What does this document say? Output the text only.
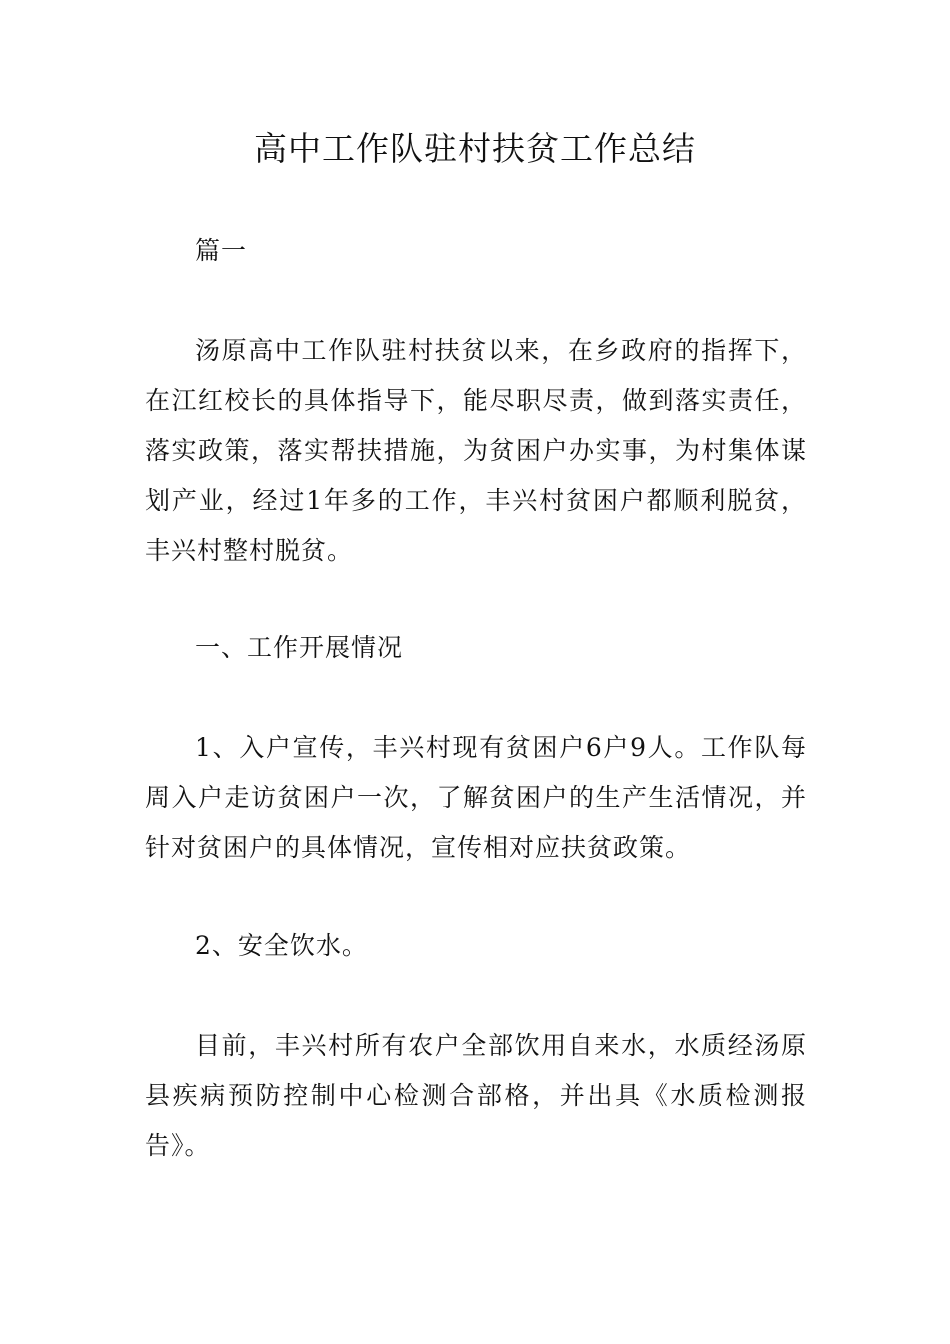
高中工作队驻村扶贫工作总结

篇一

汤原高中工作队驻村扶贫以来，在乡政府的指挥下，在江红校长的具体指导下，能尽职尽责，做到落实责任，落实政策，落实帮扶措施，为贫困户办实事，为村集体谋划产业，经过1年多的工作，丰兴村贫困户都顺利脱贫，丰兴村整村脱贫。

一、工作开展情况

1、入户宣传，丰兴村现有贫困户6户9人。工作队每周入户走访贫困户一次，了解贫困户的生产生活情况，并针对贫困户的具体情况，宣传相对应扶贫政策。

2、安全饮水。

目前，丰兴村所有农户全部饮用自来水，水质经汤原县疾病预防控制中心检测合部格，并出具《水质检测报告》。
